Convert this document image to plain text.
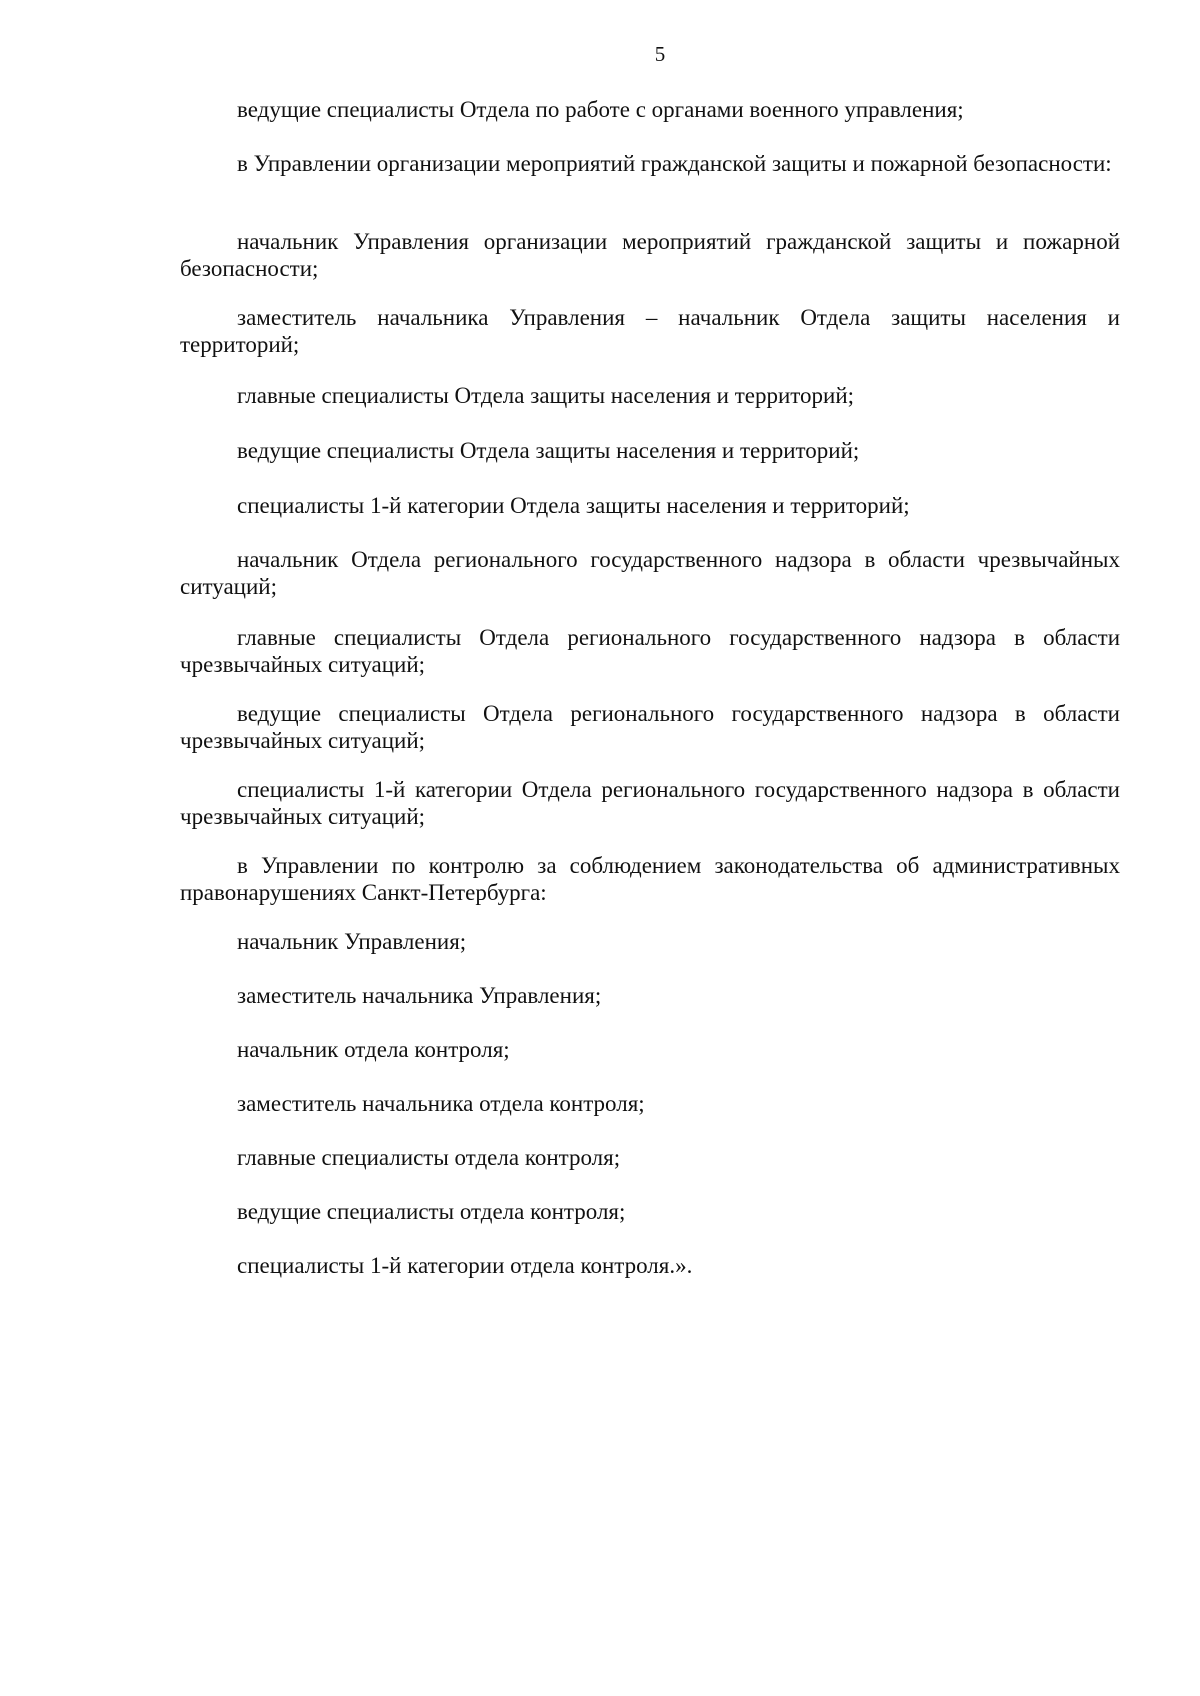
5

ведущие специалисты Отдела по работе с органами военного управления;

в Управлении организации мероприятий гражданской защиты и пожарной безопасности:

начальник Управления организации мероприятий гражданской защиты и пожарной безопасности;

заместитель начальника Управления – начальник Отдела защиты населения и территорий;

главные специалисты Отдела защиты населения и территорий;

ведущие специалисты Отдела защиты населения и территорий;

специалисты 1-й категории Отдела защиты населения и территорий;

начальник Отдела регионального государственного надзора в области чрезвычайных ситуаций;

главные специалисты Отдела регионального государственного надзора в области чрезвычайных ситуаций;

ведущие специалисты Отдела регионального государственного надзора в области чрезвычайных ситуаций;

специалисты 1-й категории Отдела регионального государственного надзора в области чрезвычайных ситуаций;

в Управлении по контролю за соблюдением законодательства об административных правонарушениях Санкт-Петербурга:

начальник Управления;

заместитель начальника Управления;

начальник отдела контроля;

заместитель начальника отдела контроля;

главные специалисты отдела контроля;

ведущие специалисты отдела контроля;

специалисты 1-й категории отдела контроля.».
